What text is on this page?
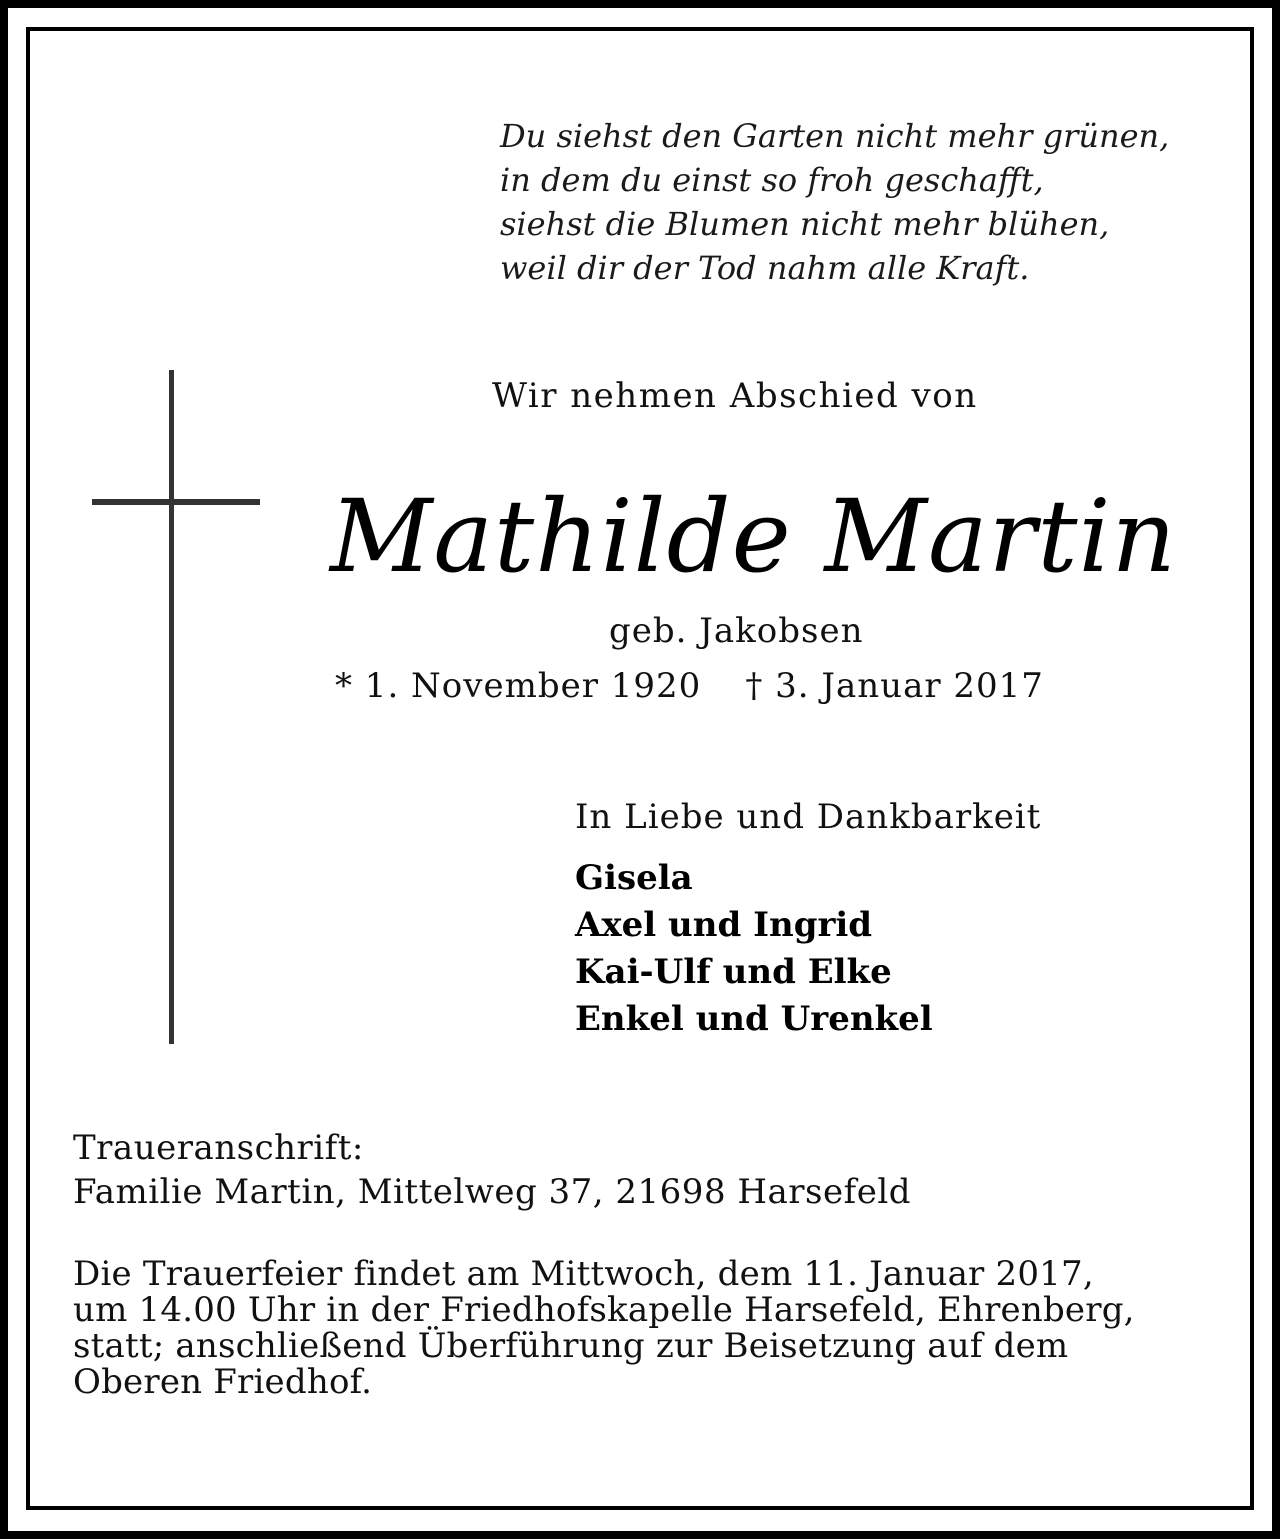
Du siehst den Garten nicht mehr grünen,
in dem du einst so froh geschafft,
siehst die Blumen nicht mehr blühen,
weil dir der Tod nahm alle Kraft.
Wir nehmen Abschied von
Mathilde Martin
geb. Jakobsen
* 1. November 1920 † 3. Januar 2017
In Liebe und Dankbarkeit
Gisela
Axel und Ingrid
Kai-Ulf und Elke
Enkel und Urenkel
Traueranschrift:
Familie Martin, Mittelweg 37, 21698 Harsefeld
Die Trauerfeier findet am Mittwoch, dem 11. Januar 2017,
um 14.00 Uhr in der Friedhofskapelle Harsefeld, Ehrenberg,
statt; anschließend Überführung zur Beisetzung auf dem
Oberen Friedhof.
